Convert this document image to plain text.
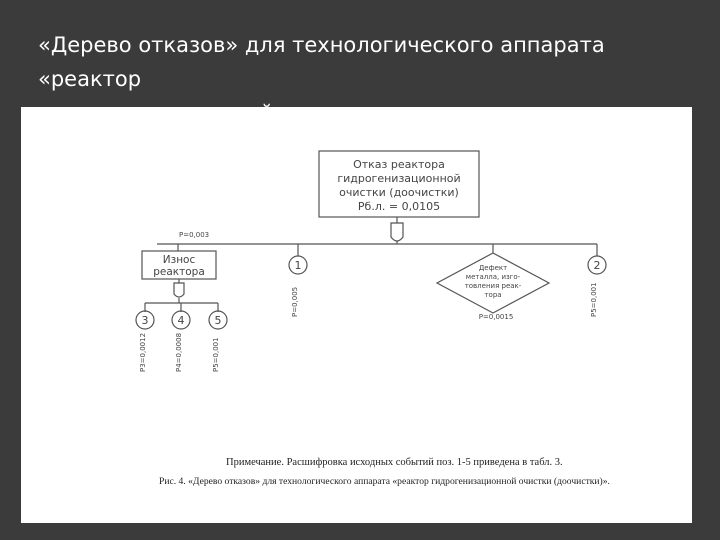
«Дерево отказов» для технологического аппарата «реактор
Отказ реактора
гидрогенизационной
очистки (доочистки)
Рб.л. = 0,0105
P=0,003
Износ
реактора	Дефект
металла, изго-
товления реак-
тора
P=0,0015
1	2
3	4	5
P=0,005	P5=0,001
P3=0,0012	P4=0,0008	P5=0,001
Примечание. Расшифровка исходных событий поз. 1-5 приведена в табл. 3.
Рис. 4. «Дерево отказов» для технологического аппарата «реактор гидрогенизационной очистки (доочистки)».
